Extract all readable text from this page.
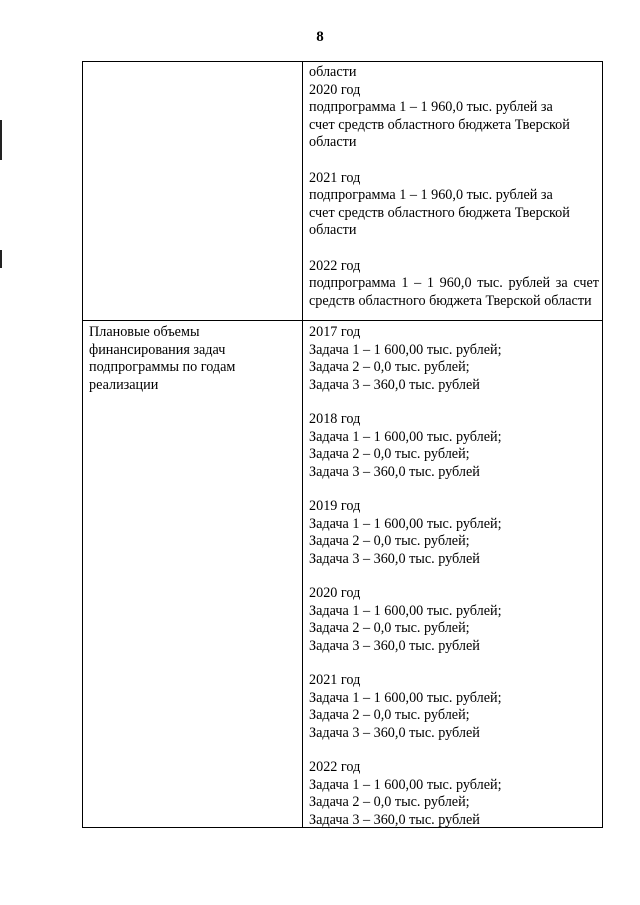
8
области
2020 год
подпрограмма 1 – 1 960,0 тыс. рублей за
счет средств областного бюджета Тверской
области
2021 год
подпрограмма 1 – 1 960,0 тыс. рублей за
счет средств областного бюджета Тверской
области
2022 год
подпрограмма 1 – 1 960,0 тыс. рублей за счет средств областного бюджета Тверской области
Плановые объемы
финансирования задач
подпрограммы по годам
реализации
2017 год
Задача 1 – 1 600,00 тыс. рублей;
Задача 2 – 0,0 тыс. рублей;
Задача 3 – 360,0 тыс. рублей
2018 год
Задача 1 – 1 600,00 тыс. рублей;
Задача 2 – 0,0 тыс. рублей;
Задача 3 – 360,0 тыс. рублей
2019 год
Задача 1 – 1 600,00 тыс. рублей;
Задача 2 – 0,0 тыс. рублей;
Задача 3 – 360,0 тыс. рублей
2020 год
Задача 1 – 1 600,00 тыс. рублей;
Задача 2 – 0,0 тыс. рублей;
Задача 3 – 360,0 тыс. рублей
2021 год
Задача 1 – 1 600,00 тыс. рублей;
Задача 2 – 0,0 тыс. рублей;
Задача 3 – 360,0 тыс. рублей
2022 год
Задача 1 – 1 600,00 тыс. рублей;
Задача 2 – 0,0 тыс. рублей;
Задача 3 – 360,0 тыс. рублей
